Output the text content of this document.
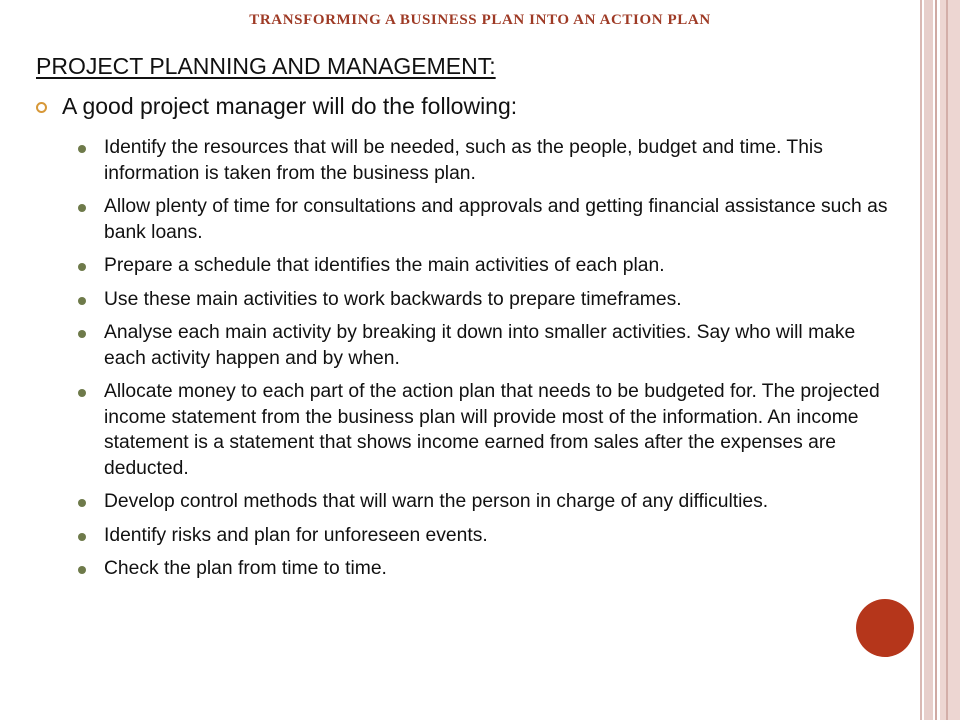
TRANSFORMING A BUSINESS PLAN INTO AN ACTION PLAN
PROJECT PLANNING AND MANAGEMENT:
A good project manager will do the following:
Identify the resources that will be needed, such as the people, budget and time. This information is taken from the business plan.
Allow plenty of time for consultations and approvals and getting financial assistance such as bank loans.
Prepare a schedule that identifies the main activities of each plan.
Use these main activities to work backwards to prepare timeframes.
Analyse each main activity by breaking it down into smaller activities. Say who will make each activity happen and by when.
Allocate money to each part of the action plan that needs to be budgeted for. The projected income statement from the business plan will provide most of the information. An income statement is a statement that shows income earned from sales after the expenses are deducted.
Develop control methods that will warn the person in charge of any difficulties.
Identify risks and plan for unforeseen events.
Check the plan from time to time.
